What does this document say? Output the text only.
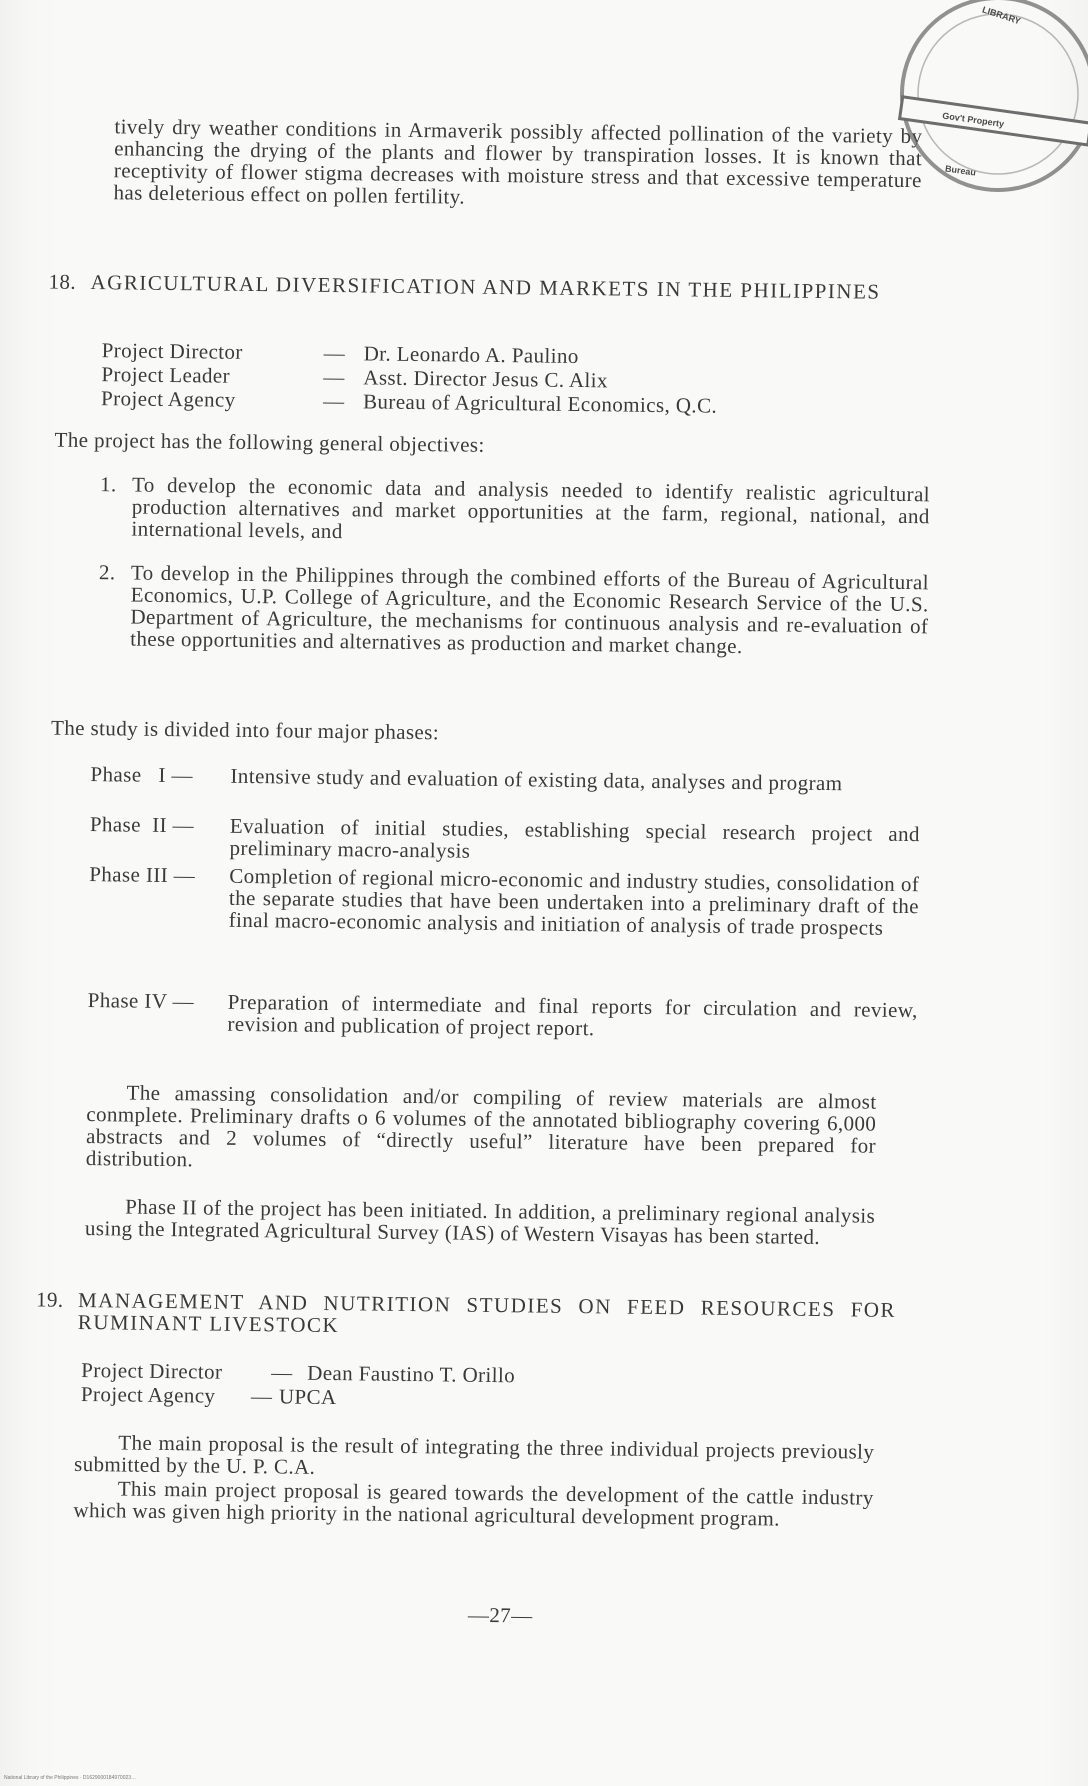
tively dry weather conditions in Armaverik possibly affected pollination of the variety by enhancing the drying of the plants and flower by transpiration losses. It is known that receptivity of flower stigma decreases with moisture stress and that excessive temperature has deleterious effect on pollen fertility.

18. AGRICULTURAL DIVERSIFICATION AND MARKETS IN THE PHILIPPINES
Project Director	— Dr. Leonardo A. Paulino
Project Leader	— Asst. Director Jesus C. Alix
Project Agency	— Bureau of Agricultural Economics, Q.C.

The project has the following general objectives:

1. To develop the economic data and analysis needed to identify realistic agricultural production alternatives and market opportunities at the farm, regional, national, and international levels, and
2. To develop in the Philippines through the combined efforts of the Bureau of Agricultural Economics, U.P. College of Agriculture, and the Economic Research Service of the U.S. Department of Agriculture, the mechanisms for continuous analysis and re-evaluation of these opportunities and alternatives as production and market change.

The study is divided into four major phases:

Phase   I —	Intensive study and evaluation of existing data, analyses and program
Phase  II —	Evaluation of initial studies, establishing special research project and preliminary macro-analysis
Phase III —	Completion of regional micro-economic and industry studies, consolidation of the separate studies that have been undertaken into a preliminary draft of the final macro-economic analysis and initiation of analysis of trade prospects
Phase IV —	Preparation of intermediate and final reports for circulation and review, revision and publication of project report.

The amassing consolidation and/or compiling of review materials are almost conmplete. Preliminary drafts o 6 volumes of the annotated bibliography covering 6,000 abstracts and 2 volumes of “directly useful” literature have been prepared for distribution.

Phase II of the project has been initiated. In addition, a preliminary regional analysis using the Integrated Agricultural Survey (IAS) of Western Visayas has been started.

19. MANAGEMENT AND NUTRITION STUDIES ON FEED RESOURCES FOR RUMINANT LIVESTOCK
Project Director	— Dean Faustino T. Orillo
Project Agency	— UPCA

The main proposal is the result of integrating the three individual projects previously submitted by the U. P. C.A.

This main project proposal is geared towards the development of the cattle industry which was given high priority in the national agricultural development program.

—27—
Gov't Property
LIBRARY
Bureau
National Library of the Philippines · D1629000184970023…
